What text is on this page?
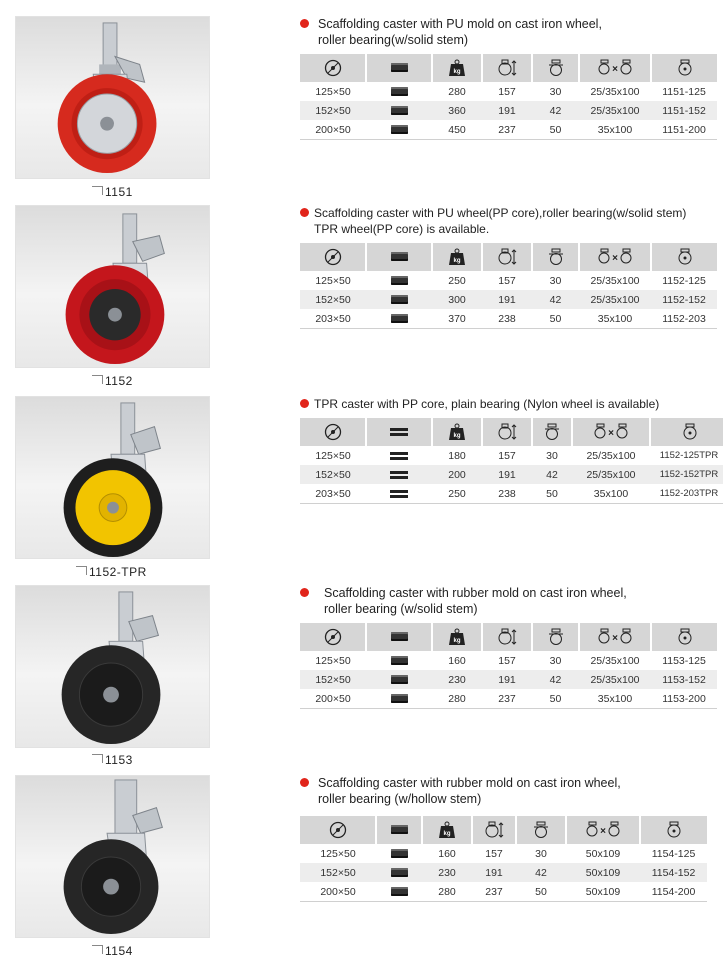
1151
1152
1152-TPR
1153
1154
Scaffolding caster with PU mold on cast iron wheel,
roller bearing(w/solid stem)

125×50		280	157	30	25/35x100	1151-125
152×50		360	191	42	25/35x100	1151-152
200×50		450	237	50	35x100	1151-200
Scaffolding caster with PU wheel(PP core),roller bearing(w/solid stem)
TPR wheel(PP core) is available.

125×50		250	157	30	25/35x100	1152-125
152×50		300	191	42	25/35x100	1152-152
203×50		370	238	50	35x100	1152-203
TPR caster with PP core, plain bearing (Nylon wheel is available)

125×50		180	157	30	25/35x100	1152-125TPR
152×50		200	191	42	25/35x100	1152-152TPR
203×50		250	238	50	35x100	1152-203TPR
Scaffolding caster with rubber mold on cast iron wheel,
roller bearing (w/solid stem)

125×50		160	157	30	25/35x100	1153-125
152×50		230	191	42	25/35x100	1153-152
200×50		280	237	50	35x100	1153-200
Scaffolding caster with rubber mold on cast iron wheel,
roller bearing (w/hollow stem)

125×50		160	157	30	50x109	1154-125
152×50		230	191	42	50x109	1154-152
200×50		280	237	50	50x109	1154-200
